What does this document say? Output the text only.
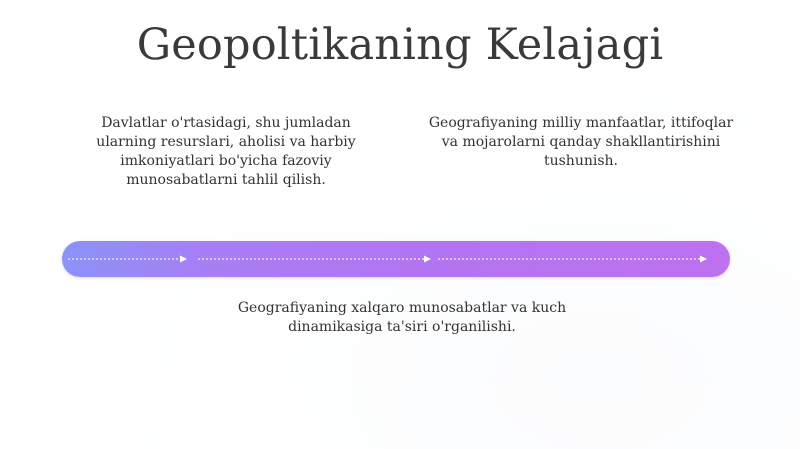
Geopoltikaning Kelajagi
Davlatlar o'rtasidagi, shu jumladan ularning resurslari, aholisi va harbiy imkoniyatlari bo'yicha fazoviy munosabatlarni tahlil qilish.
Geografiyaning milliy manfaatlar, ittifoqlar va mojarolarni qanday shakllantirishini tushunish.
Geografiyaning xalqaro munosabatlar va kuch dinamikasiga ta'siri o'rganilishi.
